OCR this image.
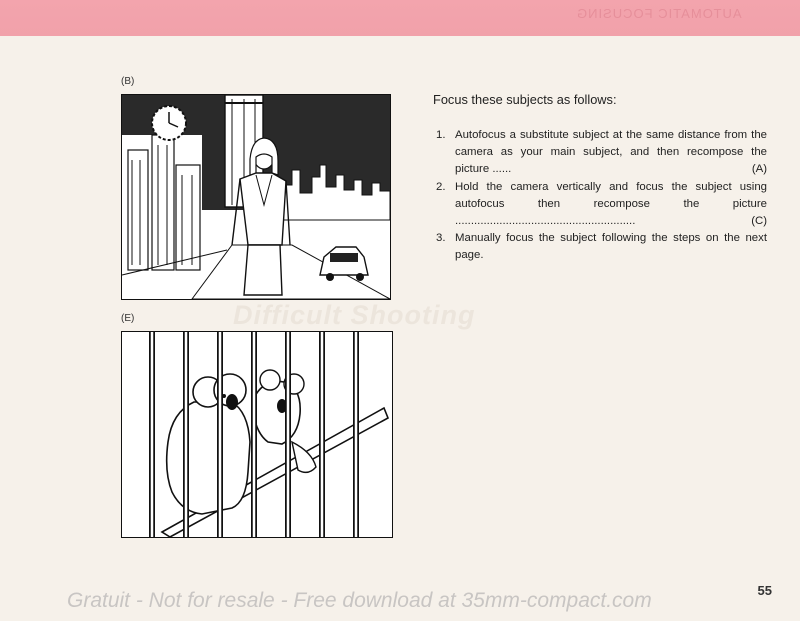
AUTOMATIC FOCUSING
Difficult Shooting
(B)
(E)
Focus these subjects as follows:
1. Autofocus a substitute subject at the same distance from the camera as your main subject, and then recompose the picture ......	(A)
2. Hold the camera vertically and focus the subject using autofocus then recompose the picture .........................................................	(C)
3. Manually focus the subject following the steps on the next page.
55
Gratuit - Not for resale - Free download at 35mm-compact.com
